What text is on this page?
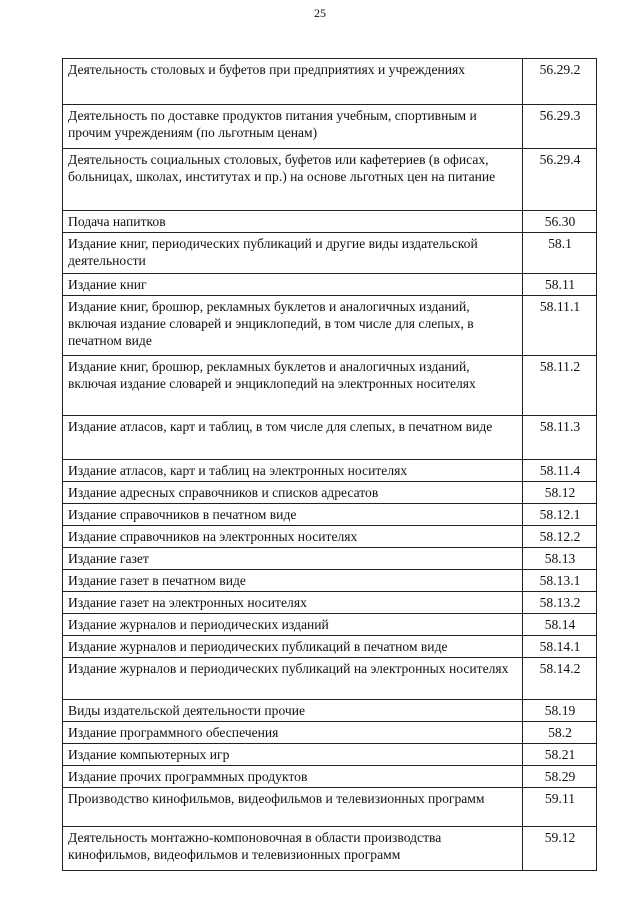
25
Деятельность столовых и буфетов при предприятиях и учреждениях	56.29.2
Деятельность по доставке продуктов питания учебным, спортивным и прочим учреждениям (по льготным ценам)	56.29.3
Деятельность социальных столовых, буфетов или кафетериев (в офисах, больницах, школах, институтах и пр.) на основе льготных цен на питание	56.29.4
Подача напитков	56.30
Издание книг, периодических публикаций и другие виды издательской деятельности	58.1
Издание книг	58.11
Издание книг, брошюр, рекламных буклетов и аналогичных изданий, включая издание словарей и энциклопедий, в том числе для слепых, в печатном виде	58.11.1
Издание книг, брошюр, рекламных буклетов и аналогичных изданий, включая издание словарей и энциклопедий на электронных носителях	58.11.2
Издание атласов, карт и таблиц, в том числе для слепых, в печатном виде	58.11.3
Издание атласов, карт и таблиц на электронных носителях	58.11.4
Издание адресных справочников и списков адресатов	58.12
Издание справочников в печатном виде	58.12.1
Издание справочников на электронных носителях	58.12.2
Издание газет	58.13
Издание газет в печатном виде	58.13.1
Издание газет на электронных носителях	58.13.2
Издание журналов и периодических изданий	58.14
Издание журналов и периодических публикаций в печатном виде	58.14.1
Издание журналов и периодических публикаций на электронных носителях	58.14.2
Виды издательской деятельности прочие	58.19
Издание программного обеспечения	58.2
Издание компьютерных игр	58.21
Издание прочих программных продуктов	58.29
Производство кинофильмов, видеофильмов и телевизионных программ	59.11
Деятельность монтажно-компоновочная в области производства кинофильмов, видеофильмов и телевизионных программ	59.12
